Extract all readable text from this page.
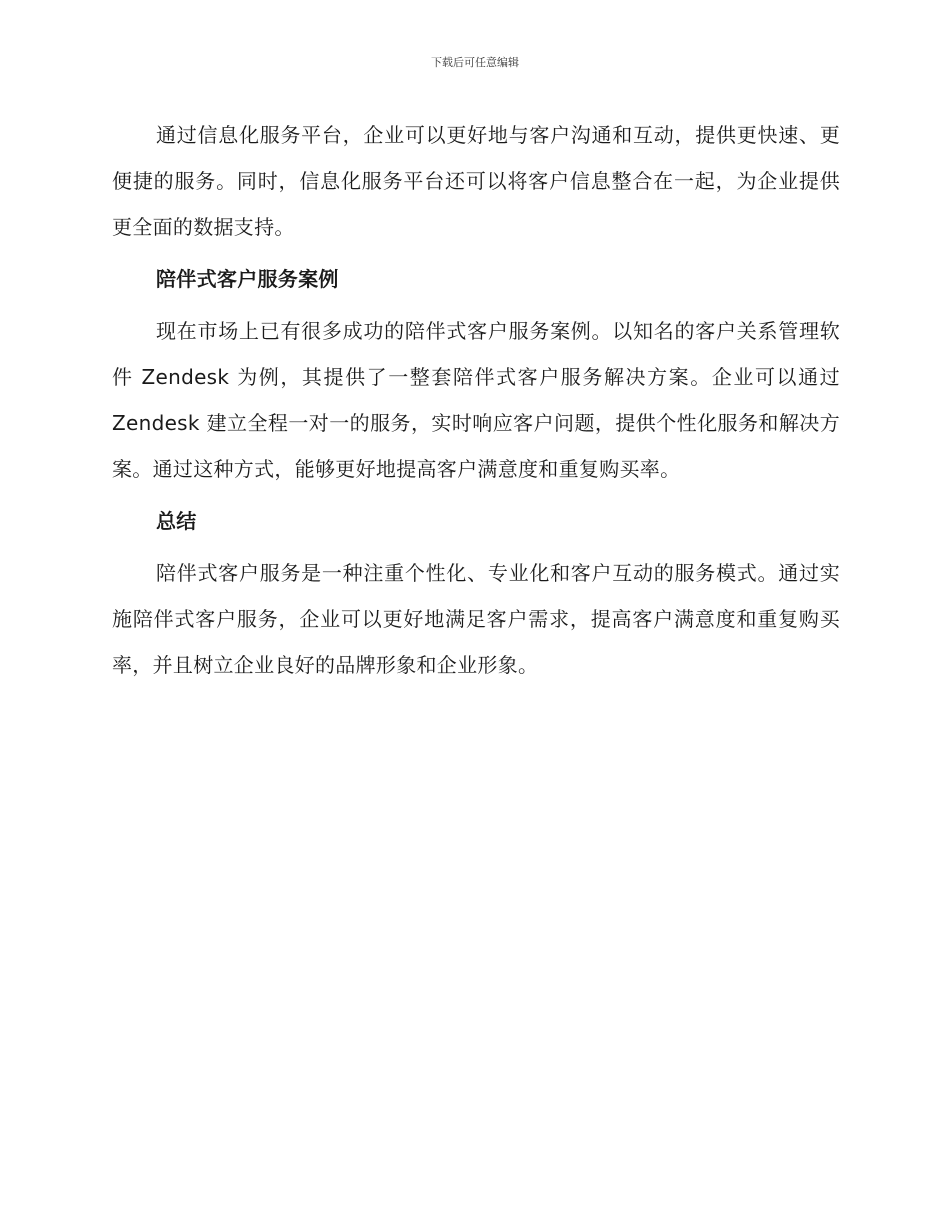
下载后可任意编辑

通过信息化服务平台，企业可以更好地与客户沟通和互动，提供更快速、更便捷的服务。同时，信息化服务平台还可以将客户信息整合在一起，为企业提供更全面的数据支持。

陪伴式客户服务案例

现在市场上已有很多成功的陪伴式客户服务案例。以知名的客户关系管理软件 Zendesk 为例，其提供了一整套陪伴式客户服务解决方案。企业可以通过 Zendesk 建立全程一对一的服务，实时响应客户问题，提供个性化服务和解决方案。通过这种方式，能够更好地提高客户满意度和重复购买率。

总结

陪伴式客户服务是一种注重个性化、专业化和客户互动的服务模式。通过实施陪伴式客户服务，企业可以更好地满足客户需求，提高客户满意度和重复购买率，并且树立企业良好的品牌形象和企业形象。
